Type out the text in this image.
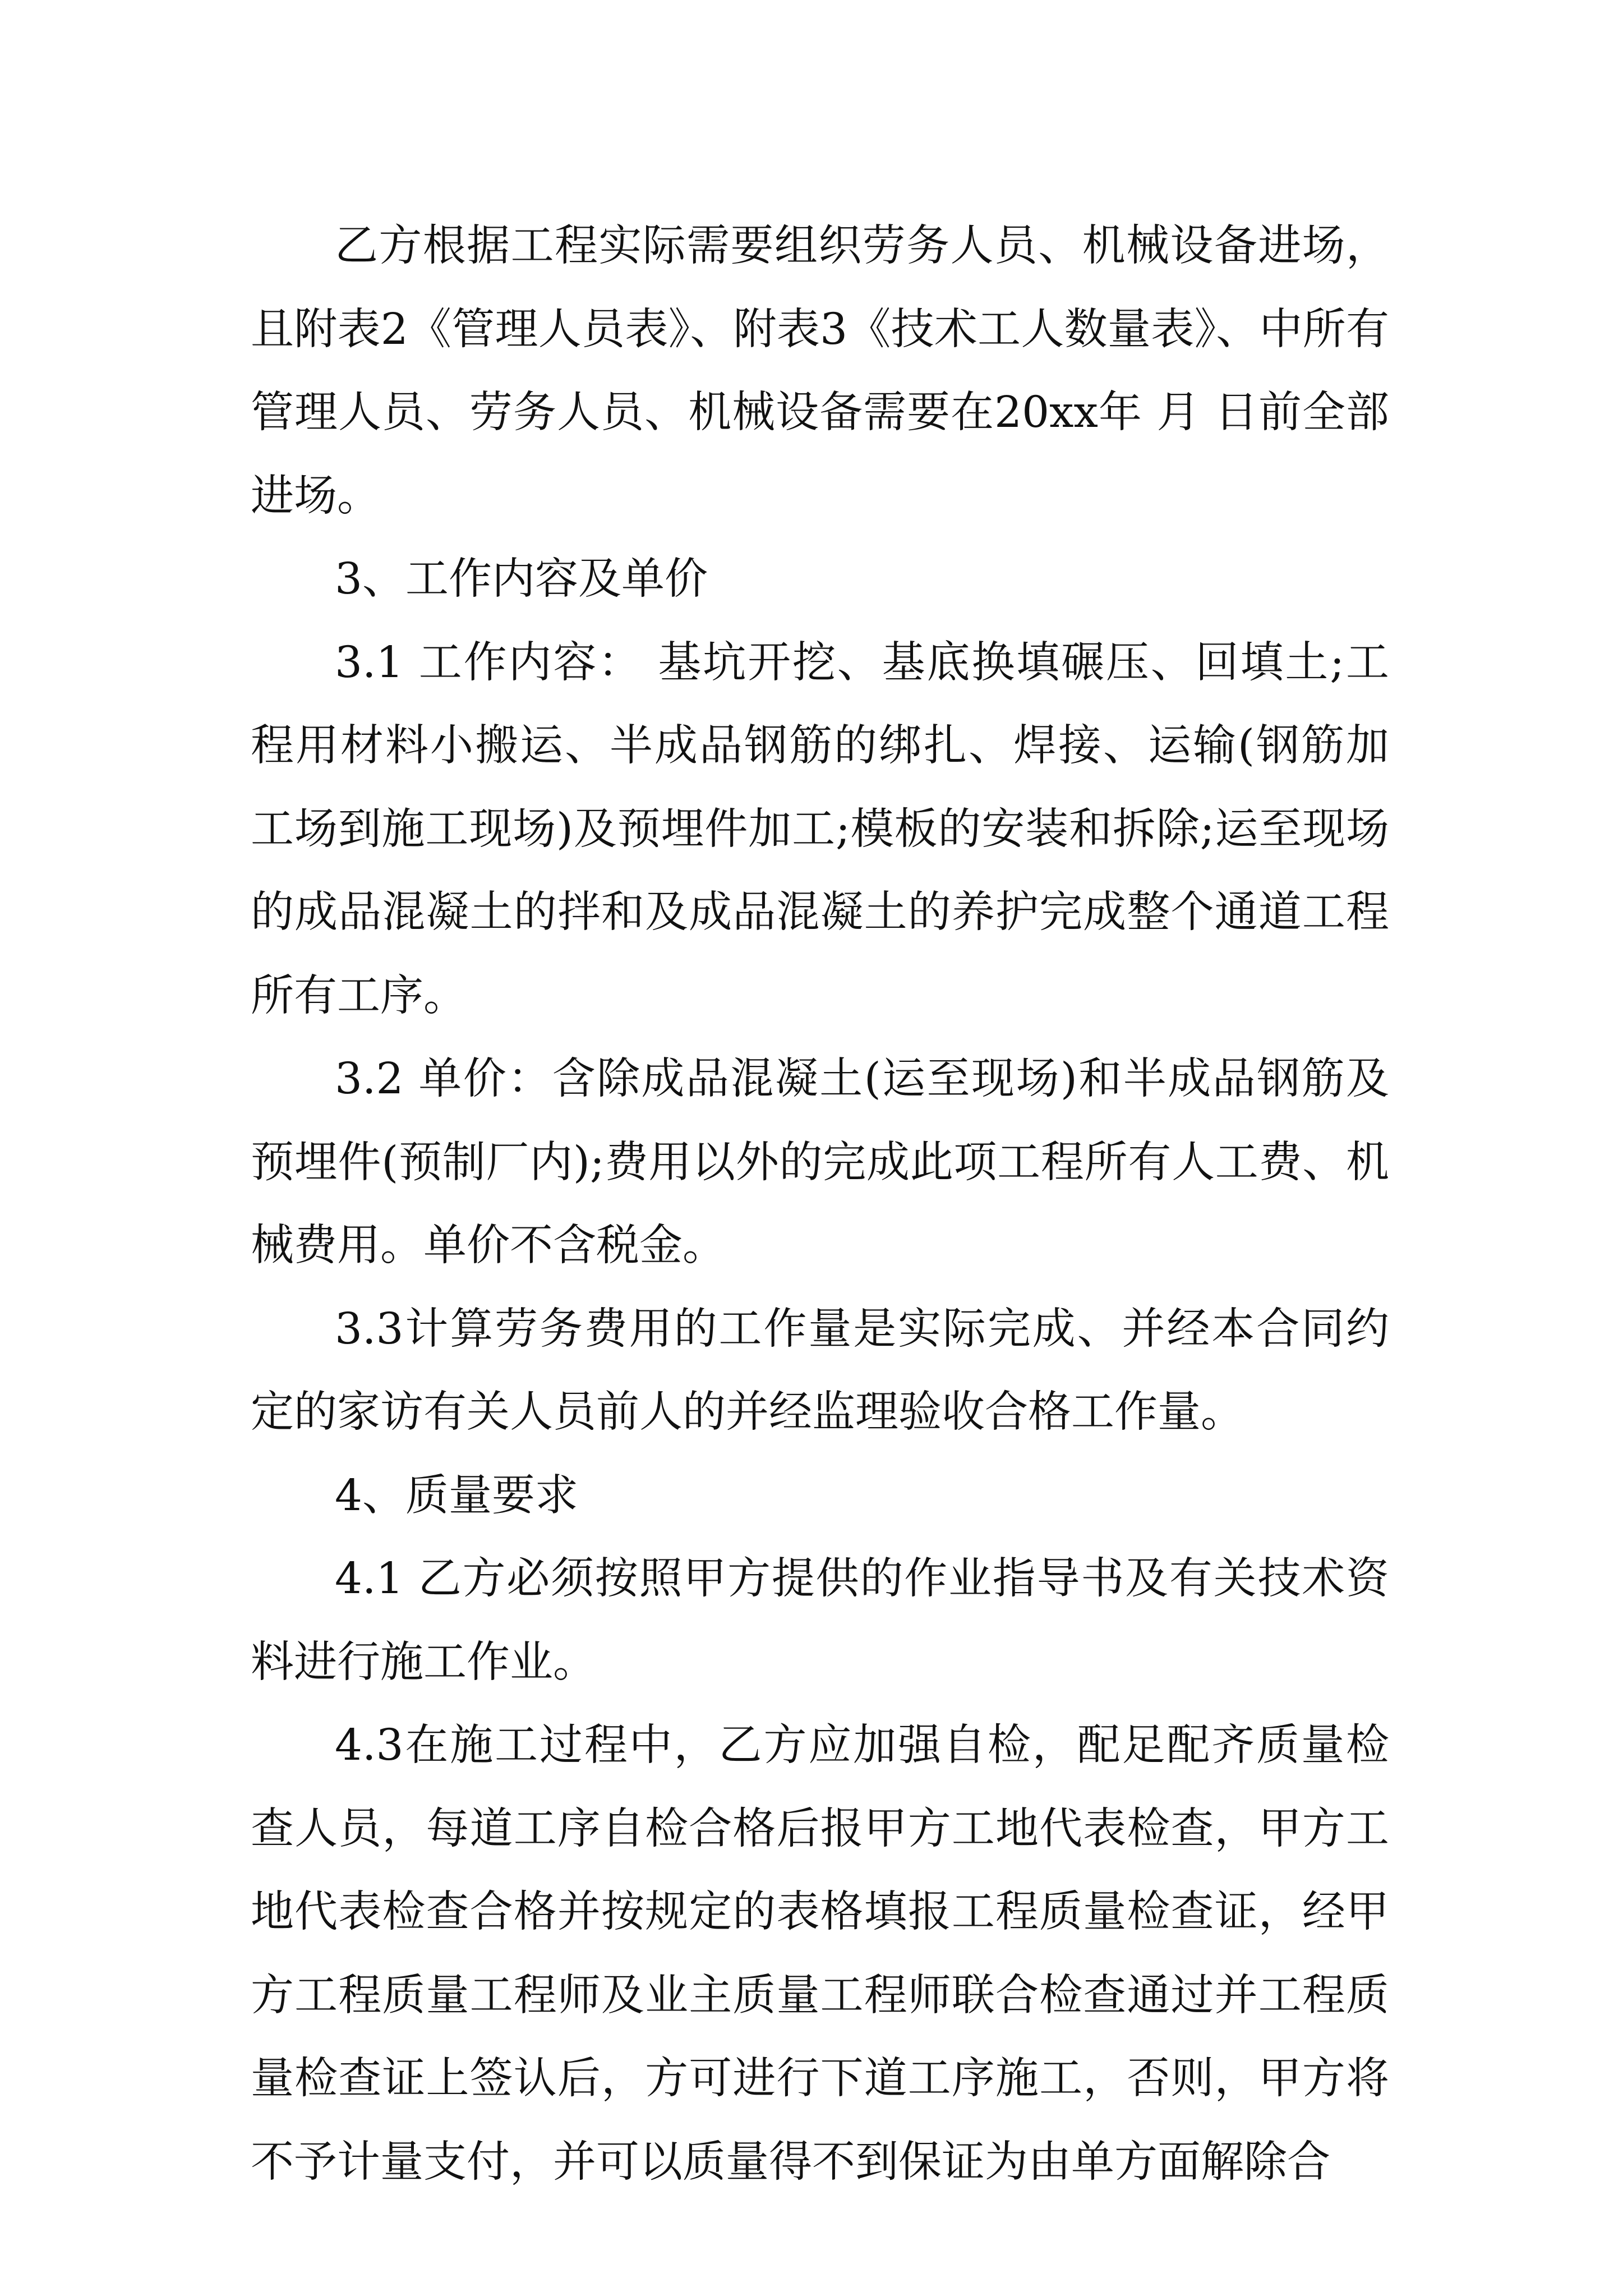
乙方根据工程实际需要组织劳务人员、机械设备进场，且附表2《管理人员表》、附表3《技术工人数量表》、中所有管理人员、劳务人员、机械设备需要在20xx年 月 日前全部进场。

3、工作内容及单价

3.1 工作内容： 基坑开挖、基底换填碾压、回填土;工程用材料小搬运、半成品钢筋的绑扎、焊接、运输(钢筋加工场到施工现场)及预埋件加工;模板的安装和拆除;运至现场的成品混凝土的拌和及成品混凝土的养护完成整个通道工程所有工序。

3.2 单价：含除成品混凝土(运至现场)和半成品钢筋及预埋件(预制厂内);费用以外的完成此项工程所有人工费、机械费用。单价不含税金。

3.3计算劳务费用的工作量是实际完成、并经本合同约定的家访有关人员前人的并经监理验收合格工作量。

4、质量要求

4.1 乙方必须按照甲方提供的作业指导书及有关技术资料进行施工作业。

4.3在施工过程中，乙方应加强自检，配足配齐质量检查人员，每道工序自检合格后报甲方工地代表检查，甲方工地代表检查合格并按规定的表格填报工程质量检查证，经甲方工程质量工程师及业主质量工程师联合检查通过并工程质量检查证上签认后，方可进行下道工序施工，否则，甲方将不予计量支付，并可以质量得不到保证为由单方面解除合
